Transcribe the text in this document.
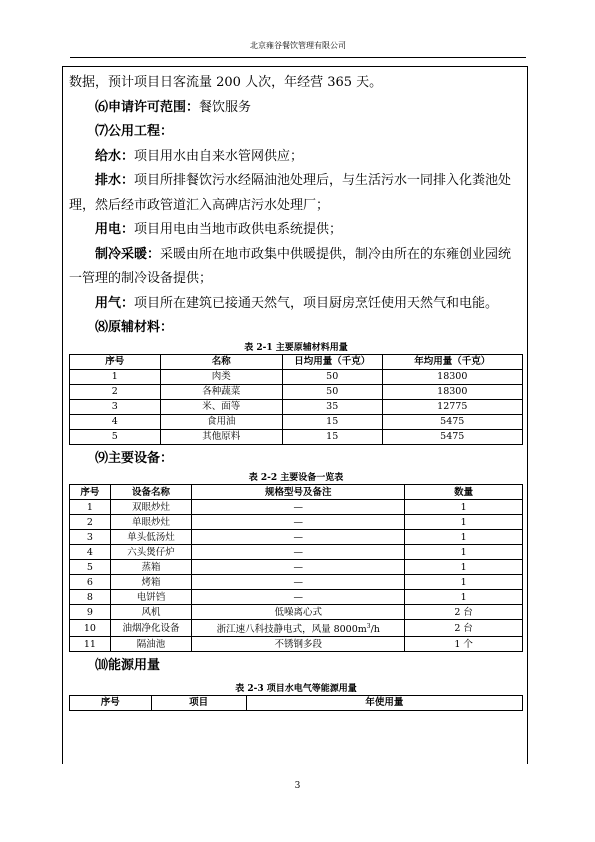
北京雍谷餐饮管理有限公司

数据，预计项目日客流量 200 人次，年经营 365 天。

⑹申请许可范围：餐饮服务

⑺公用工程：

给水：项目用水由自来水管网供应；

排水：项目所排餐饮污水经隔油池处理后，与生活污水一同排入化粪池处理，然后经市政管道汇入高碑店污水处理厂；

用电：项目用电由当地市政供电系统提供；

制冷采暖：采暖由所在地市政集中供暖提供，制冷由所在的东雍创业园统一管理的制冷设备提供；

用气：项目所在建筑已接通天然气，项目厨房烹饪使用天然气和电能。

⑻原辅材料：

表 2-1 主要原辅材料用量
序号	名称	日均用量（千克）	年均用量（千克）
1	肉类	50	18300
2	各种蔬菜	50	18300
3	米、面等	35	12775
4	食用油	15	5475
5	其他原料	15	5475

⑼主要设备：

表 2-2 主要设备一览表
序号	设备名称	规格型号及备注	数量
1	双眼炒灶	—	1
2	单眼炒灶	—	1
3	单头低汤灶	—	1
4	六头煲仔炉	—	1
5	蒸箱	—	1
6	烤箱	—	1
8	电饼铛	—	1
9	风机	低噪离心式	2 台
10	油烟净化设备	浙江速八科技静电式，风量 $8000m^3/h$	2 台
11	隔油池	不锈钢多段	1 个

⑽能源用量

表 2-3 项目水电气等能源用量
序号	项目	年使用量
3
